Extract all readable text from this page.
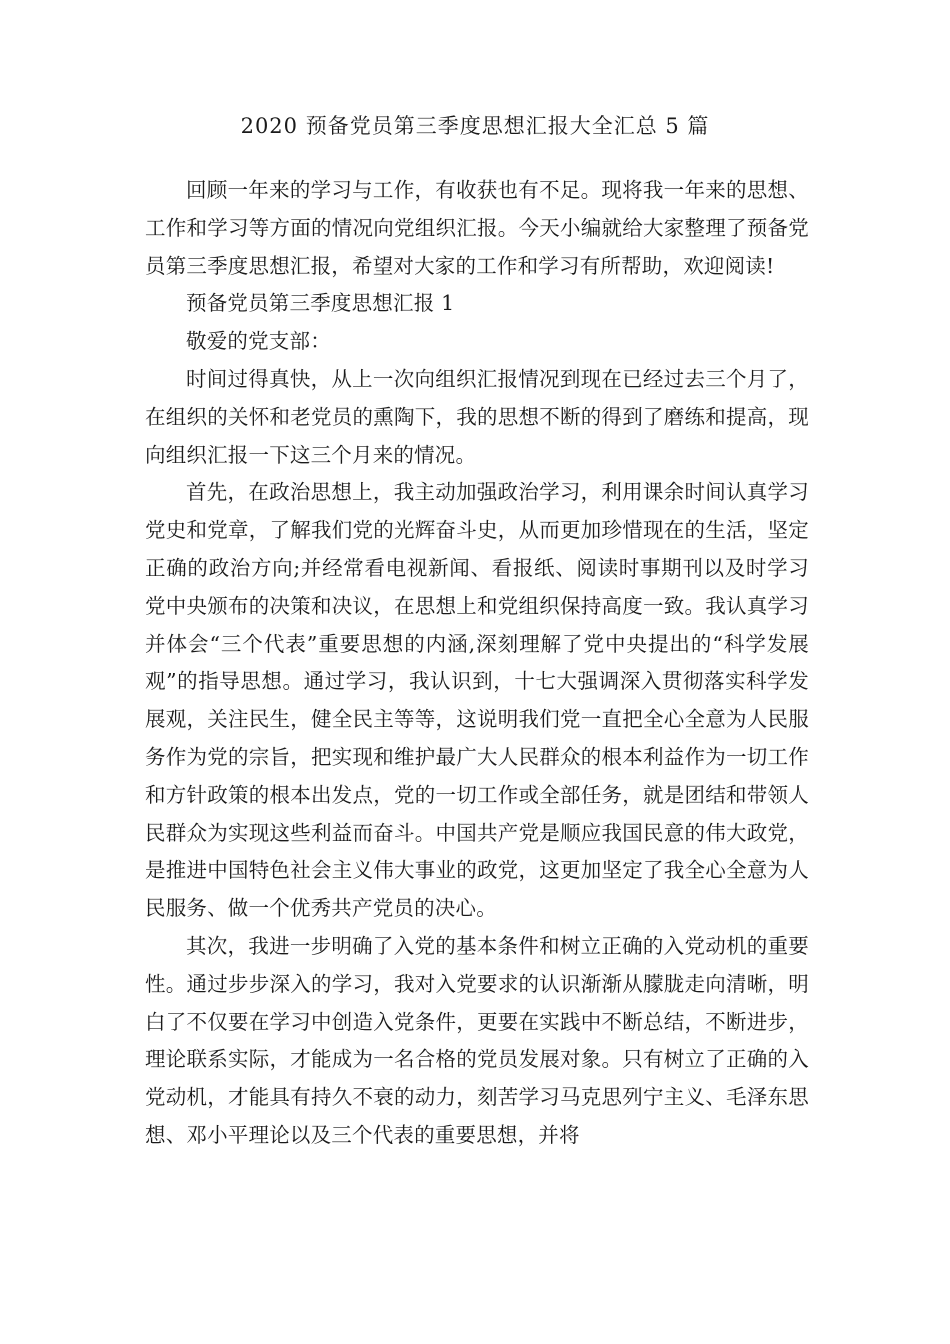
2020 预备党员第三季度思想汇报大全汇总 5 篇

回顾一年来的学习与工作，有收获也有不足。现将我一年来的思想、工作和学习等方面的情况向党组织汇报。今天小编就给大家整理了预备党员第三季度思想汇报，希望对大家的工作和学习有所帮助，欢迎阅读!

预备党员第三季度思想汇报 1

敬爱的党支部：

时间过得真快，从上一次向组织汇报情况到现在已经过去三个月了，在组织的关怀和老党员的熏陶下，我的思想不断的得到了磨练和提高，现向组织汇报一下这三个月来的情况。

首先，在政治思想上，我主动加强政治学习，利用课余时间认真学习党史和党章，了解我们党的光辉奋斗史，从而更加珍惜现在的生活，坚定正确的政治方向;并经常看电视新闻、看报纸、阅读时事期刊以及时学习党中央颁布的决策和决议，在思想上和党组织保持高度一致。我认真学习并体会“三个代表”重要思想的内涵,深刻理解了党中央提出的“科学发展观”的指导思想。通过学习，我认识到，十七大强调深入贯彻落实科学发展观，关注民生，健全民主等等，这说明我们党一直把全心全意为人民服务作为党的宗旨，把实现和维护最广大人民群众的根本利益作为一切工作和方针政策的根本出发点，党的一切工作或全部任务，就是团结和带领人民群众为实现这些利益而奋斗。中国共产党是顺应我国民意的伟大政党，是推进中国特色社会主义伟大事业的政党，这更加坚定了我全心全意为人民服务、做一个优秀共产党员的决心。

其次，我进一步明确了入党的基本条件和树立正确的入党动机的重要性。通过步步深入的学习，我对入党要求的认识渐渐从朦胧走向清晰，明白了不仅要在学习中创造入党条件，更要在实践中不断总结，不断进步，理论联系实际，才能成为一名合格的党员发展对象。只有树立了正确的入党动机，才能具有持久不衰的动力，刻苦学习马克思列宁主义、毛泽东思想、邓小平理论以及三个代表的重要思想，并将
